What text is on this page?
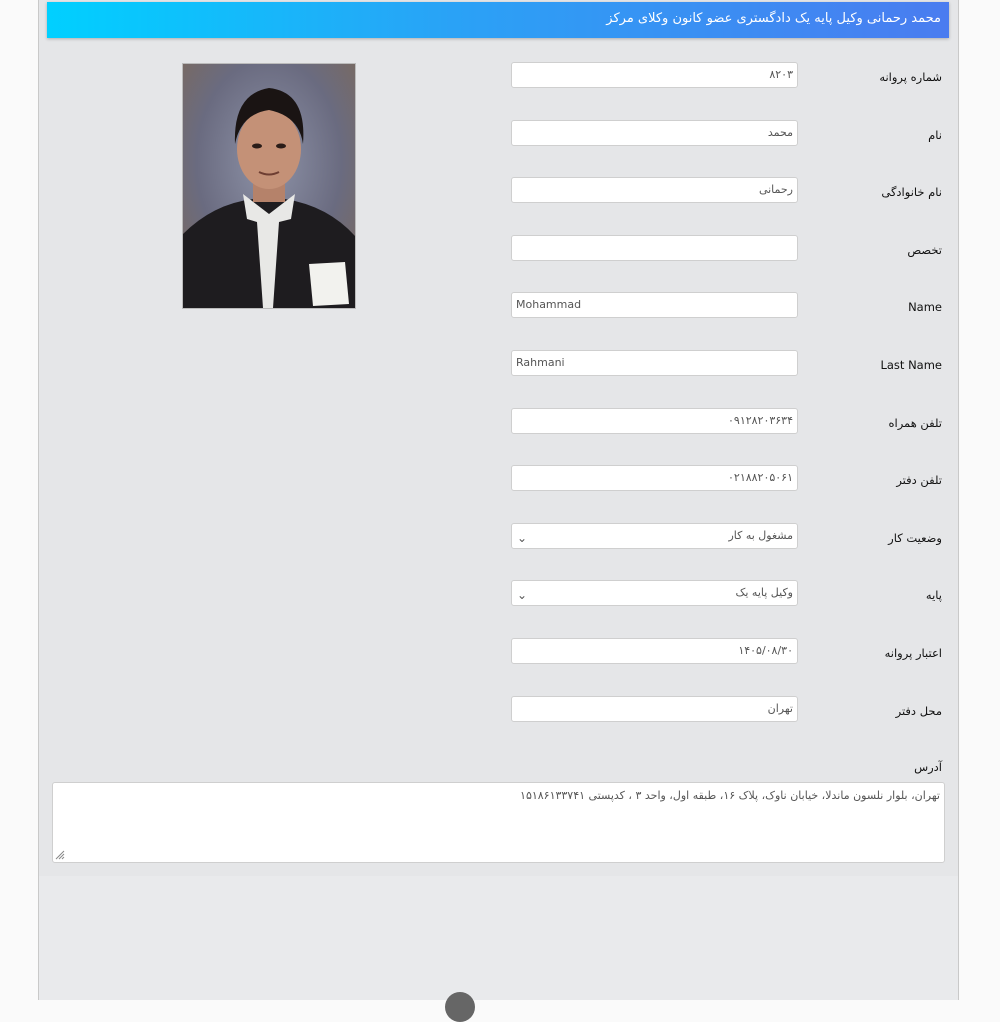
محمد رحمانی وکیل پایه یک دادگستری عضو کانون وکلای مرکز
شماره پروانه
۸۲۰۳
نام
محمد
نام خانوادگی
رحمانی
تخصص
Name
Mohammad
Last Name
Rahmani
تلفن همراه
۰۹۱۲۸۲۰۳۶۳۴
تلفن دفتر
۰۲۱۸۸۲۰۵۰۶۱
وضعیت کار
مشغول به کار
⌄
پایه
وکیل پایه یک
⌄
اعتبار پروانه
۱۴۰۵/۰۸/۳۰
محل دفتر
تهران
آدرس
تهران، بلوار نلسون ماندلا، خیابان ناوک، پلاک ۱۶، طبقه اول، واحد ۳ ، کدپستی ۱۵۱۸۶۱۳۳۷۴۱
